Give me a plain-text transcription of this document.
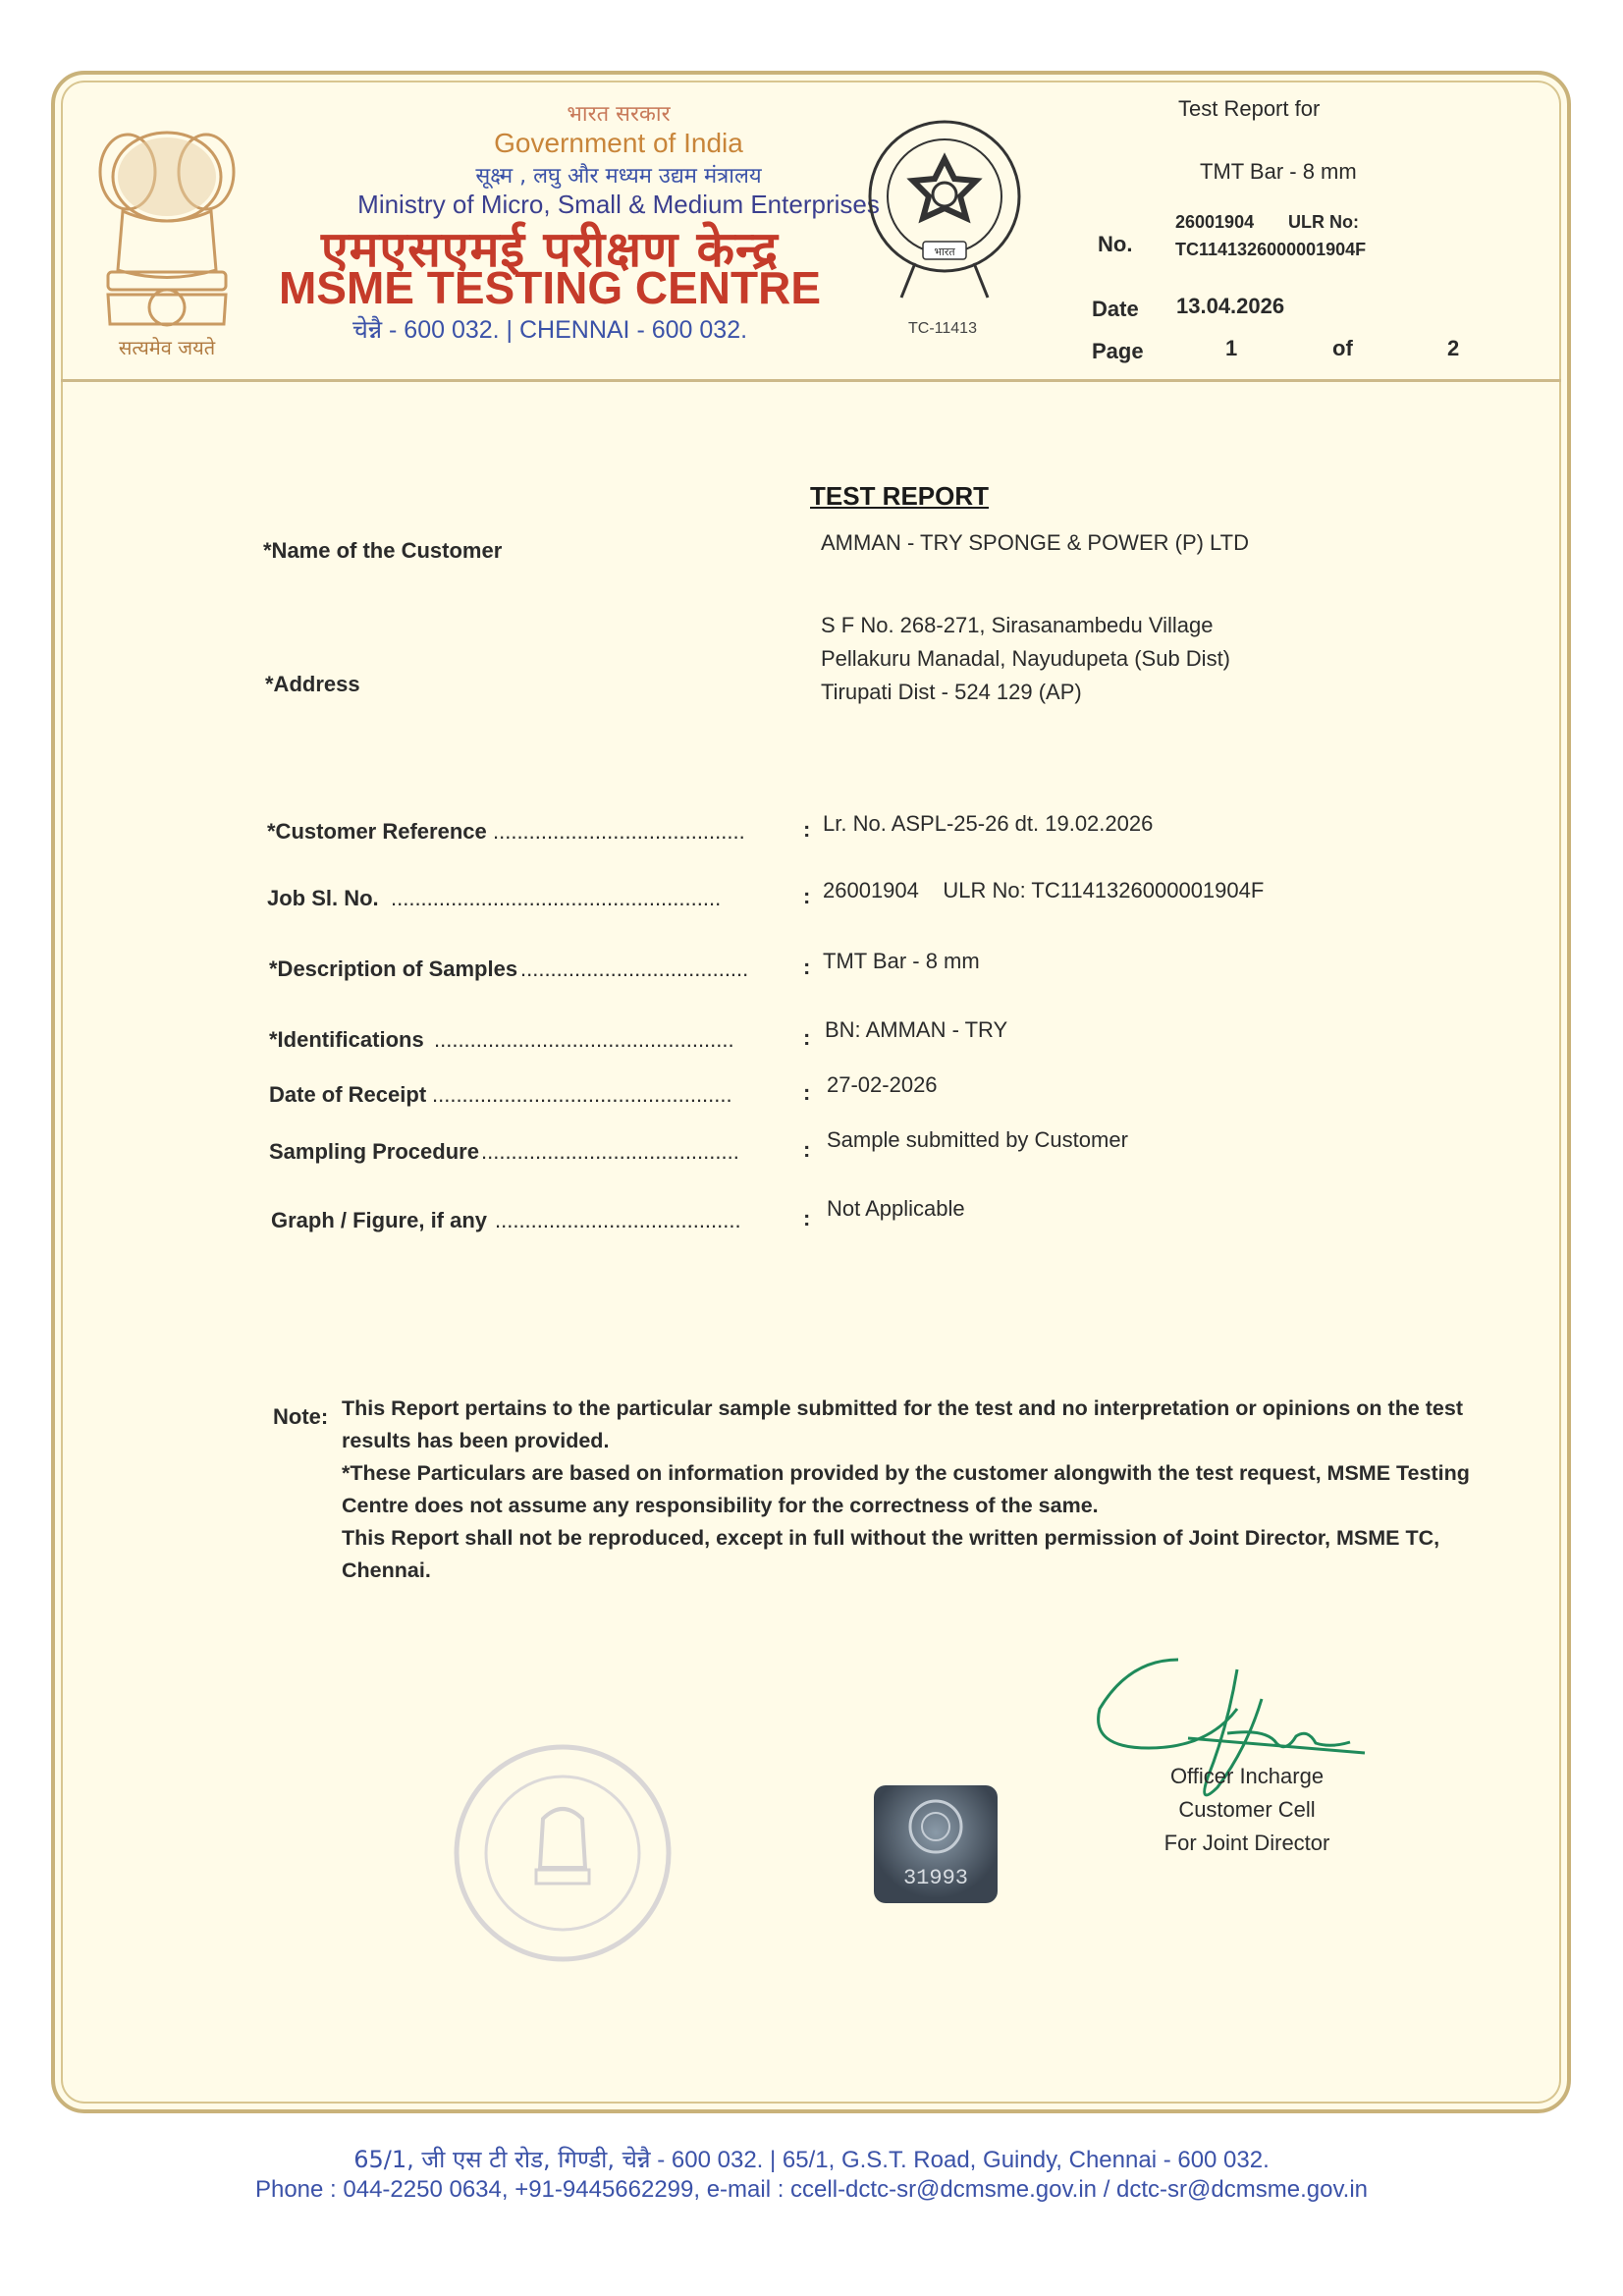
सत्यमेव जयते
भारत सरकार
Government of India
सूक्ष्म , लघु और मध्यम उद्यम मंत्रालय
Ministry of Micro, Small & Medium Enterprises
एमएसएमई परीक्षण केन्द्र
MSME TESTING CENTRE
चेन्नै - 600 032. | CHENNAI - 600 032.
भारत
TC-11413
Test Report for
TMT Bar - 8 mm
No.
26001904 ULR No:
TC1141326000001904F
Date 13.04.2026
Page	1	of	2
TEST REPORT
*Name of the Customer	AMMAN - TRY SPONGE & POWER (P) LTD
*Address
S F No. 268-271, Sirasanambedu Village
Pellakuru Manadal, Nayudupeta (Sub Dist)
Tirupati Dist - 524 129 (AP)
*Customer Reference ..........................................	: Lr. No. ASPL-25-26 dt. 19.02.2026
Job Sl. No. .......................................................	: 26001904    ULR No: TC1141326000001904F
*Description of Samples ......................................	: TMT Bar - 8 mm
*Identifications ..................................................	: BN: AMMAN - TRY
Date of Receipt ..................................................	: 27-02-2026
Sampling Procedure ...........................................	: Sample submitted by Customer
Graph / Figure, if any .........................................	: Not Applicable
Note: This Report pertains to the particular sample submitted for the test and no interpretation or opinions on the test results has been provided.

*These Particulars are based on information provided by the customer alongwith the test request, MSME Testing Centre does not assume any responsibility for the correctness of the same.

This Report shall not be reproduced, except in full without the written permission of Joint Director, MSME TC, Chennai.

31993
Officer Incharge
Customer Cell
For Joint Director
65/1, जी एस टी रोड, गिण्डी, चेन्नै - 600 032. | 65/1, G.S.T. Road, Guindy, Chennai - 600 032.
Phone : 044-2250 0634, +91-9445662299, e-mail : ccell-dctc-sr@dcmsme.gov.in / dctc-sr@dcmsme.gov.in
